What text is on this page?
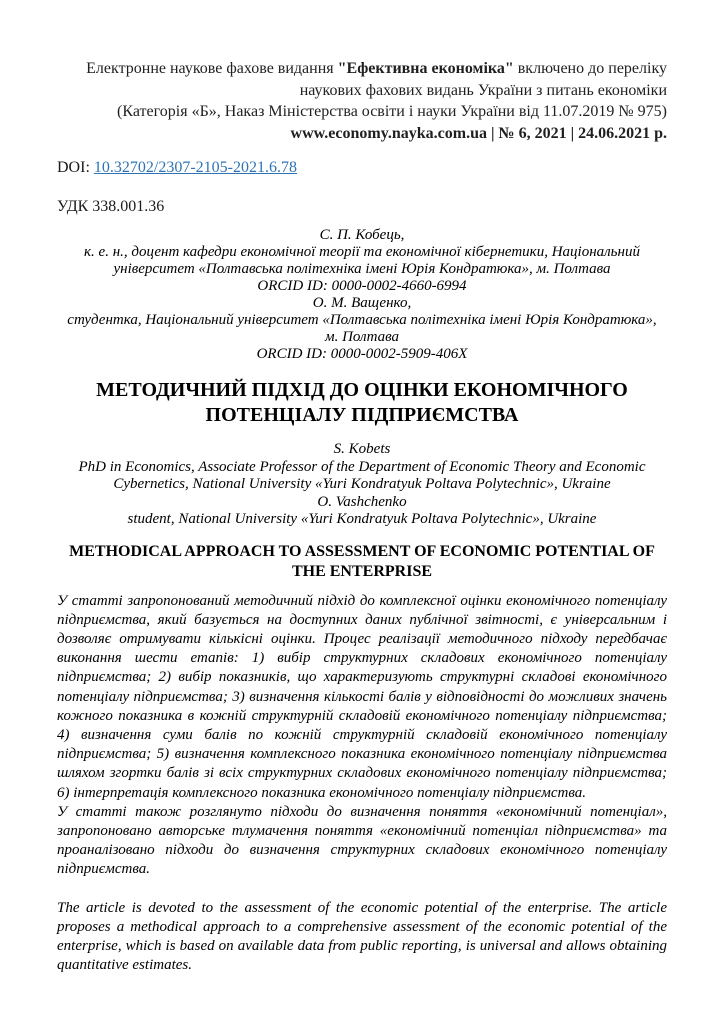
Електронне наукове фахове видання "Ефективна економіка" включено до переліку
наукових фахових видань України з питань економіки
(Категорія «Б», Наказ Міністерства освіти і науки України від 11.07.2019 № 975)
www.economy.nayka.com.ua | № 6, 2021 | 24.06.2021 р.
DOI: 10.32702/2307-2105-2021.6.78
УДК 338.001.36
С. П. Кобець,
к. е. н., доцент кафедри економічної теорії та економічної кібернетики, Національний
університет «Полтавська політехніка імені Юрія Кондратюка», м. Полтава
ORCID ID: 0000-0002-4660-6994
О. М. Ващенко,
студентка, Національний університет «Полтавська політехніка імені Юрія Кондратюка»,
м. Полтава
ORCID ID: 0000-0002-5909-406X
МЕТОДИЧНИЙ ПІДХІД ДО ОЦІНКИ ЕКОНОМІЧНОГО ПОТЕНЦІАЛУ ПІДПРИЄМСТВА
S. Kobets
PhD in Economics, Associate Professor of the Department of Economic Theory and Economic
Cybernetics, National University «Yuri Kondratyuk Poltava Polytechnic», Ukraine
O. Vashchenko
student, National University «Yuri Kondratyuk Poltava Polytechnic», Ukraine
METHODICAL APPROACH TO ASSESSMENT OF ECONOMIC POTENTIAL OF THE ENTERPRISE

У статті запропонований методичний підхід до комплексної оцінки економічного потенціалу підприємства, який базується на доступних даних публічної звітності, є універсальним і дозволяє отримувати кількісні оцінки. Процес реалізації методичного підходу передбачає виконання шести етапів: 1) вибір структурних складових економічного потенціалу підприємства; 2) вибір показників, що характеризують структурні складові економічного потенціалу підприємства; 3) визначення кількості балів у відповідності до можливих значень кожного показника в кожній структурній складовій економічного потенціалу підприємства; 4) визначення суми балів по кожній структурній складовій економічного потенціалу підприємства; 5) визначення комплексного показника економічного потенціалу підприємства шляхом згортки балів зі всіх структурних складових економічного потенціалу підприємства; 6) інтерпретація комплексного показника економічного потенціалу підприємства.

У статті також розглянуто підходи до визначення поняття «економічний потенціал», запропоновано авторське тлумачення поняття «економічний потенціал підприємства» та проаналізовано підходи до визначення структурних складових економічного потенціалу підприємства.

The article is devoted to the assessment of the economic potential of the enterprise. The article proposes a methodical approach to a comprehensive assessment of the economic potential of the enterprise, which is based on available data from public reporting, is universal and allows obtaining quantitative estimates.
